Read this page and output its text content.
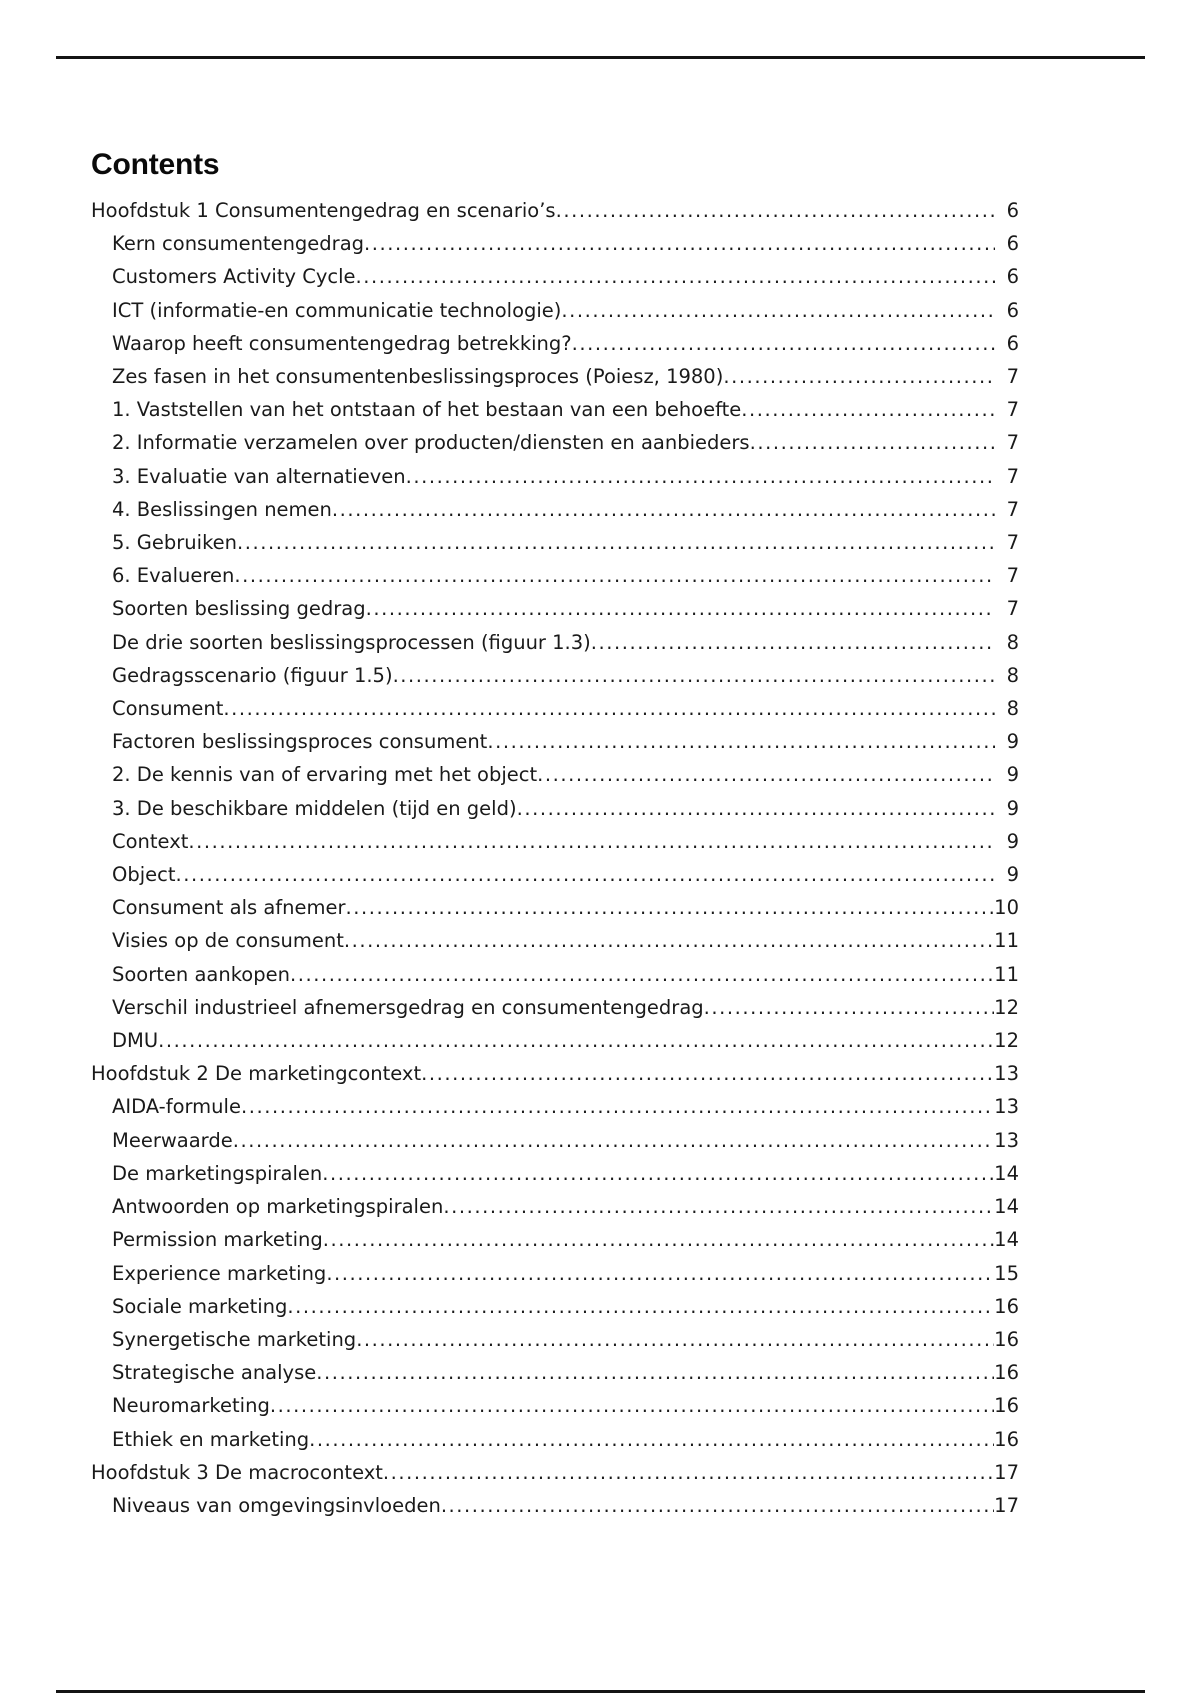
Contents
Hoofdstuk 1 Consumentengedrag en scenario’s .....	6
Kern consumentengedrag .....	6
Customers Activity Cycle .....	6
ICT (informatie-en communicatie technologie) .....	6
Waarop heeft consumentengedrag betrekking? .....	6
Zes fasen in het consumentenbeslissingsproces (Poiesz, 1980) .....	7
1. Vaststellen van het ontstaan of het bestaan van een behoefte .....	7
2. Informatie verzamelen over producten/diensten en aanbieders .....	7
3. Evaluatie van alternatieven .....	7
4. Beslissingen nemen .....	7
5. Gebruiken .....	7
6. Evalueren .....	7
Soorten beslissing gedrag .....	7
De drie soorten beslissingsprocessen (figuur 1.3) .....	8
Gedragsscenario (figuur 1.5) .....	8
Consument .....	8
Factoren beslissingsproces consument .....	9
2. De kennis van of ervaring met het object .....	9
3. De beschikbare middelen (tijd en geld) .....	9
Context .....	9
Object .....	9
Consument als afnemer .....	10
Visies op de consument .....	11
Soorten aankopen .....	11
Verschil industrieel afnemersgedrag en consumentengedrag .....	12
DMU .....	12
Hoofdstuk 2 De marketingcontext .....	13
AIDA-formule .....	13
Meerwaarde .....	13
De marketingspiralen .....	14
Antwoorden op marketingspiralen .....	14
Permission marketing .....	14
Experience marketing .....	15
Sociale marketing .....	16
Synergetische marketing .....	16
Strategische analyse .....	16
Neuromarketing .....	16
Ethiek en marketing .....	16
Hoofdstuk 3 De macrocontext .....	17
Niveaus van omgevingsinvloeden .....	17
